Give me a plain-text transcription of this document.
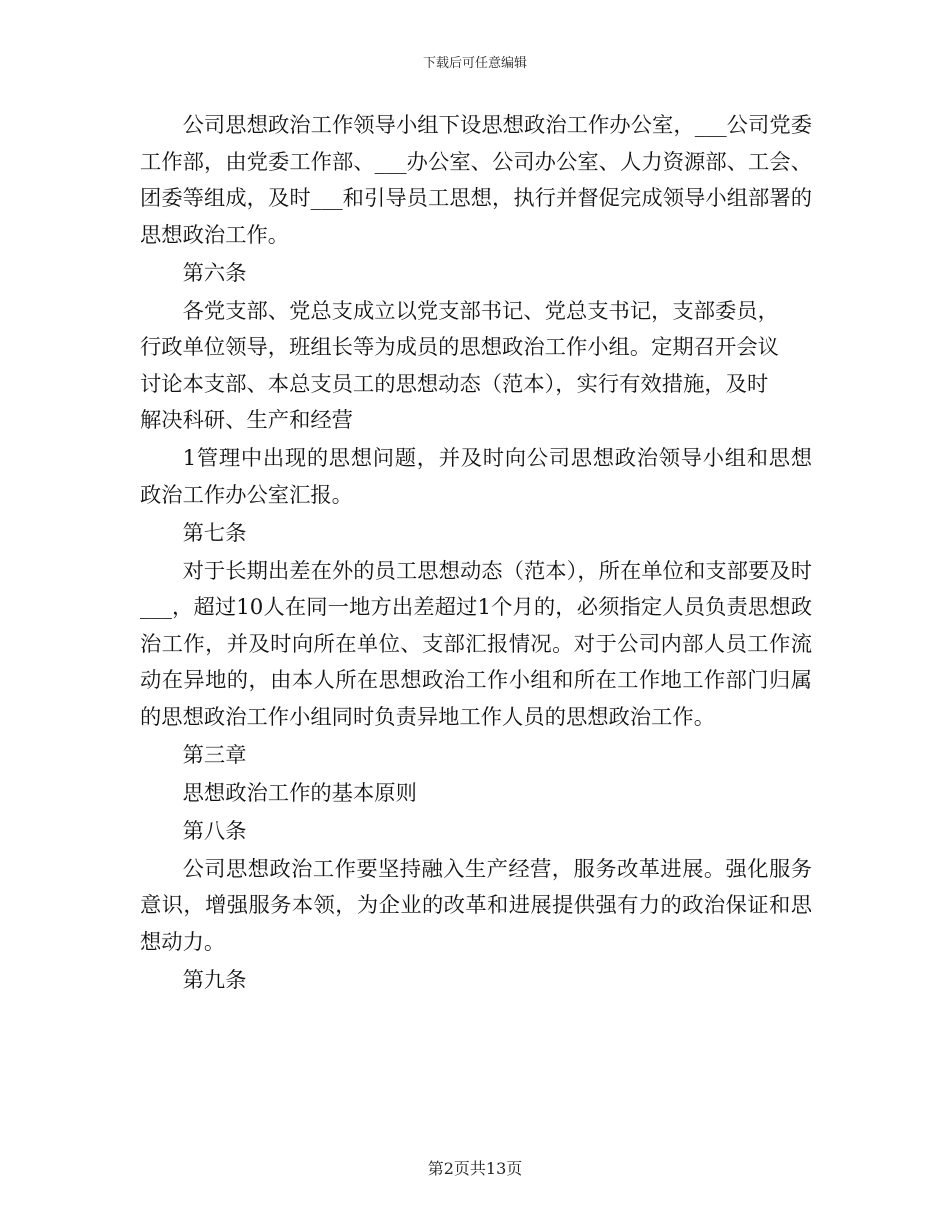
下载后可任意编辑

公司思想政治工作领导小组下设思想政治工作办公室，___公司党委工作部，由党委工作部、___办公室、公司办公室、人力资源部、工会、团委等组成，及时___和引导员工思想，执行并督促完成领导小组部署的思想政治工作。

第六条

各党支部、党总支成立以党支部书记、党总支书记，支部委员，

行政单位领导，班组长等为成员的思想政治工作小组。定期召开会议

讨论本支部、本总支员工的思想动态（范本），实行有效措施，及时

解决科研、生产和经营

1管理中出现的思想问题，并及时向公司思想政治领导小组和思想政治工作办公室汇报。

第七条

对于长期出差在外的员工思想动态（范本），所在单位和支部要及时___，超过10人在同一地方出差超过1个月的，必须指定人员负责思想政治工作，并及时向所在单位、支部汇报情况。对于公司内部人员工作流动在异地的，由本人所在思想政治工作小组和所在工作地工作部门归属的思想政治工作小组同时负责异地工作人员的思想政治工作。

第三章

思想政治工作的基本原则

第八条

公司思想政治工作要坚持融入生产经营，服务改革进展。强化服务意识，增强服务本领，为企业的改革和进展提供强有力的政治保证和思想动力。

第九条

第2页共13页
